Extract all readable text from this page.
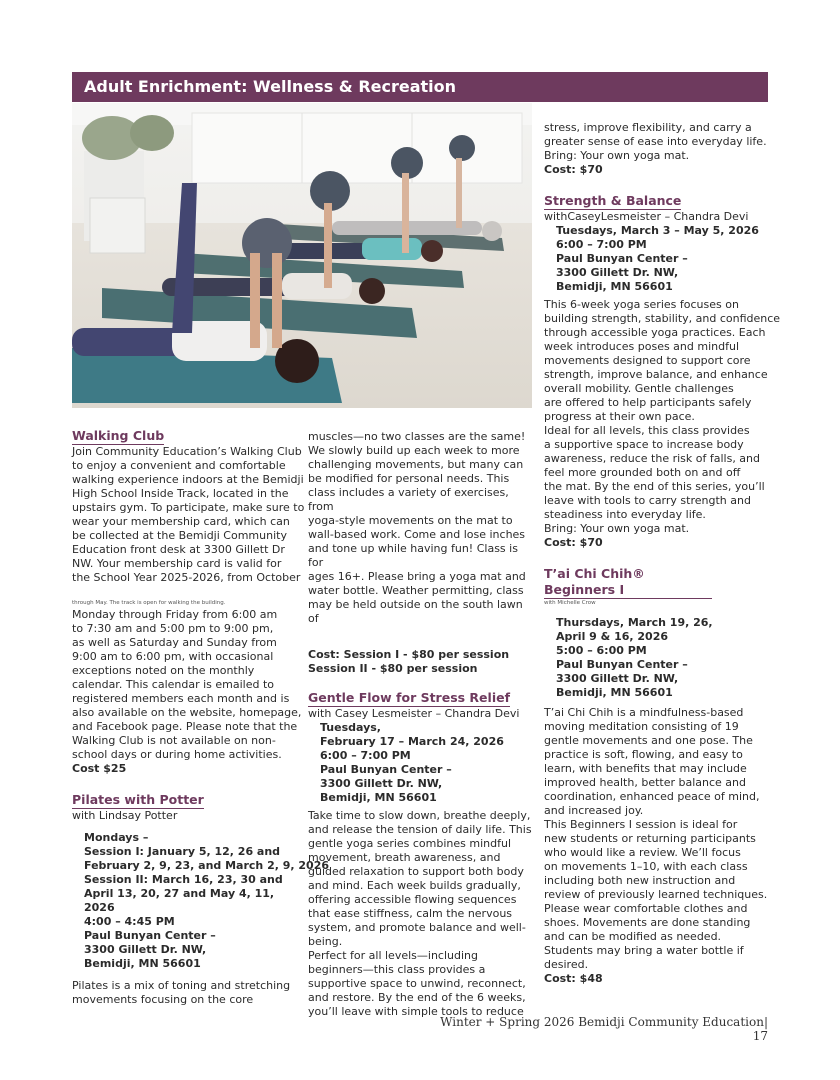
Adult Enrichment: Wellness & Recreation
Walking Club
Join Community Education’s Walking Club
to enjoy a convenient and comfortable
walking experience indoors at the Bemidji
High School Inside Track, located in the
upstairs gym. To participate, make sure to
wear your membership card, which can
be collected at the Bemidji Community
Education front desk at 3300 Gillett Dr
NW. Your membership card is valid for
the School Year 2025-2026, from October
through May. The track is open for walking the building.
Monday through Friday from 6:00 am
to 7:30 am and 5:00 pm to 9:00 pm,
as well as Saturday and Sunday from
9:00 am to 6:00 pm, with occasional
exceptions noted on the monthly
calendar. This calendar is emailed to
registered members each month and is
also available on the website, homepage,
and Facebook page. Please note that the
Walking Club is not available on non-
school days or during home activities.
Cost $25
Pilates with Potter
with Lindsay Potter
Mondays –
Session I: January 5, 12, 26 and
February 2, 9, 23, and March 2, 9, 2026
Session II: March 16, 23, 30 and
April 13, 20, 27 and May 4, 11, 2026
4:00 – 4:45 PM
Paul Bunyan Center –
3300 Gillett Dr. NW,
Bemidji, MN 56601
Pilates is a mix of toning and stretching
movements focusing on the core
muscles—no two classes are the same!
We slowly build up each week to more
challenging movements, but many can
be modified for personal needs. This
class includes a variety of exercises, from
yoga-style movements on the mat to
wall-based work. Come and lose inches
and tone up while having fun! Class is for
ages 16+. Please bring a yoga mat and
water bottle. Weather permitting, class
may be held outside on the south lawn of
Cost: Session I - $80 per session
Session II - $80 per session
Gentle Flow for Stress Relief
with Casey Lesmeister – Chandra Devi
Tuesdays,
February 17 – March 24, 2026
6:00 – 7:00 PM
Paul Bunyan Center –
3300 Gillett Dr. NW,
Bemidji, MN 56601
Take time to slow down, breathe deeply,
and release the tension of daily life. This
gentle yoga series combines mindful
movement, breath awareness, and
guided relaxation to support both body
and mind. Each week builds gradually,
offering accessible flowing sequences
that ease stiffness, calm the nervous
system, and promote balance and well-
being.
Perfect for all levels—including
beginners—this class provides a
supportive space to unwind, reconnect,
and restore. By the end of the 6 weeks,
you’ll leave with simple tools to reduce
stress, improve flexibility, and carry a
greater sense of ease into everyday life.
Bring: Your own yoga mat.
Cost: $70
Strength & Balance
withCaseyLesmeister – Chandra Devi
Tuesdays, March 3 – May 5, 2026
6:00 – 7:00 PM
Paul Bunyan Center –
3300 Gillett Dr. NW,
Bemidji, MN 56601
This 6-week yoga series focuses on
building strength, stability, and confidence
through accessible yoga practices. Each
week introduces poses and mindful
movements designed to support core
strength, improve balance, and enhance
overall mobility. Gentle challenges
are offered to help participants safely
progress at their own pace.
Ideal for all levels, this class provides
a supportive space to increase body
awareness, reduce the risk of falls, and
feel more grounded both on and off
the mat. By the end of this series, you’ll
leave with tools to carry strength and
steadiness into everyday life.
Bring: Your own yoga mat.
Cost: $70
T’ai Chi Chih® Beginners I
with Michelle Crow
Thursdays, March 19, 26,
April 9 & 16, 2026
5:00 – 6:00 PM
Paul Bunyan Center –
3300 Gillett Dr. NW,
Bemidji, MN 56601
T’ai Chi Chih is a mindfulness-based
moving meditation consisting of 19
gentle movements and one pose. The
practice is soft, flowing, and easy to
learn, with benefits that may include
improved health, better balance and
coordination, enhanced peace of mind,
and increased joy.
This Beginners I session is ideal for
new students or returning participants
who would like a review. We’ll focus
on movements 1–10, with each class
including both new instruction and
review of previously learned techniques.
Please wear comfortable clothes and
shoes. Movements are done standing
and can be modified as needed.
Students may bring a water bottle if
desired.
Cost: $48
Winter + Spring 2026 Bemidji Community Education|  17
